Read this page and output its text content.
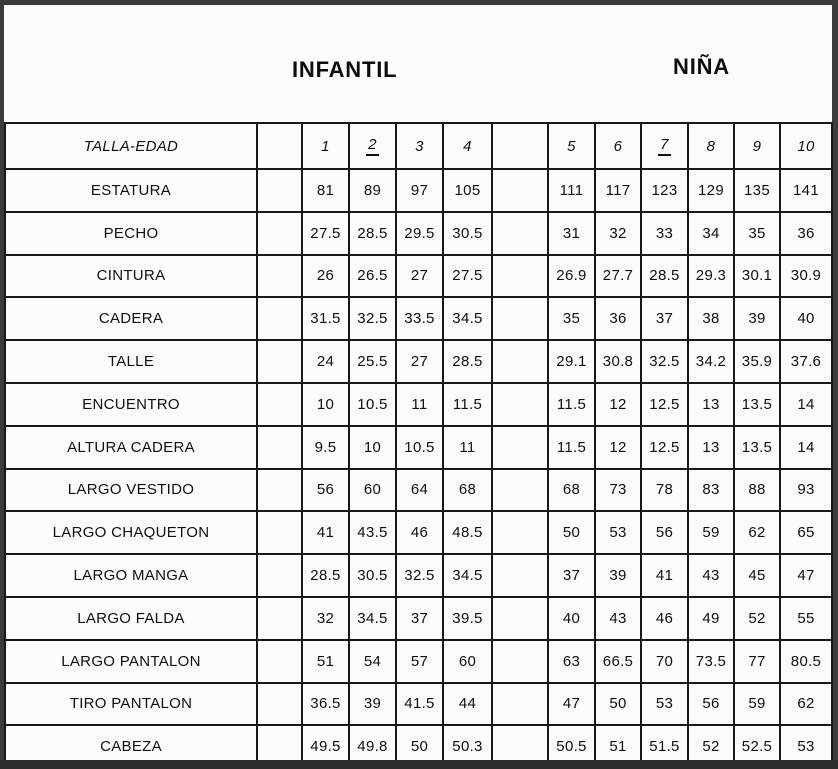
INFANTIL	NIÑA
TALLA-EDAD		1	2	3	4		5	6	7	8	9	10
ESTATURA		81	89	97	105		111	117	123	129	135	141
PECHO		27.5	28.5	29.5	30.5		31	32	33	34	35	36
CINTURA		26	26.5	27	27.5		26.9	27.7	28.5	29.3	30.1	30.9
CADERA		31.5	32.5	33.5	34.5		35	36	37	38	39	40
TALLE		24	25.5	27	28.5		29.1	30.8	32.5	34.2	35.9	37.6
ENCUENTRO		10	10.5	11	11.5		11.5	12	12.5	13	13.5	14
ALTURA CADERA		9.5	10	10.5	11		11.5	12	12.5	13	13.5	14
LARGO VESTIDO		56	60	64	68		68	73	78	83	88	93
LARGO CHAQUETON		41	43.5	46	48.5		50	53	56	59	62	65
LARGO MANGA		28.5	30.5	32.5	34.5		37	39	41	43	45	47
LARGO FALDA		32	34.5	37	39.5		40	43	46	49	52	55
LARGO PANTALON		51	54	57	60		63	66.5	70	73.5	77	80.5
TIRO PANTALON		36.5	39	41.5	44		47	50	53	56	59	62
CABEZA		49.5	49.8	50	50.3		50.5	51	51.5	52	52.5	53
